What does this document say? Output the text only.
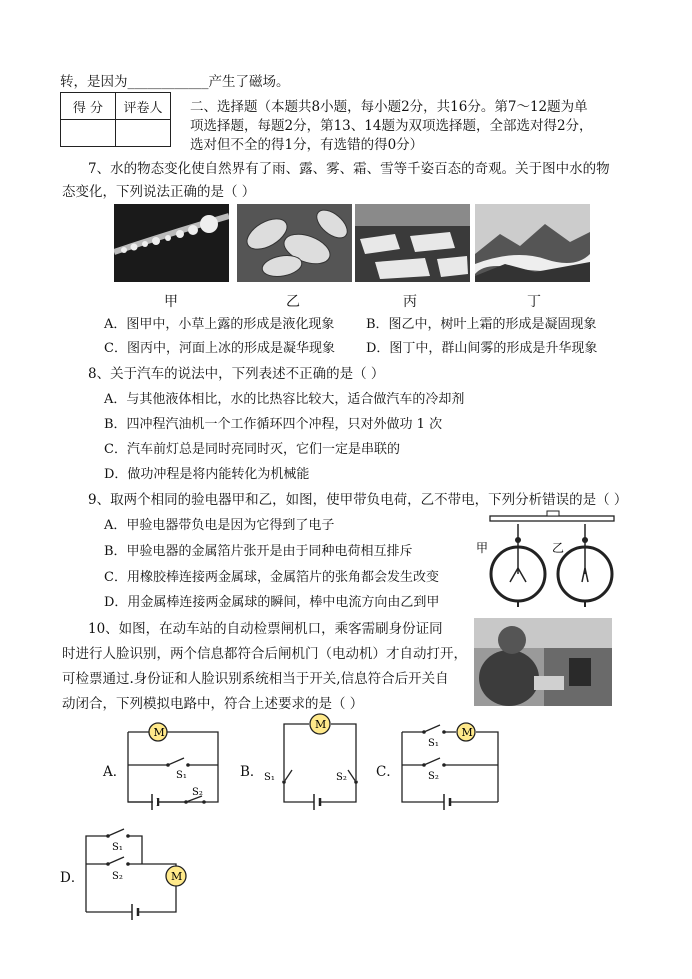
转，是因为____________产生了磁场。
得 分	评卷人
	二、选择题（本题共8小题，每小题2分，共16分。第7～12题为单
项选择题，每题2分，第13、14题为双项选择题，全部选对得2分，
选对但不全的得1分，有选错的得0分）
7、水的物态变化使自然界有了雨、露、雾、霜、雪等千姿百态的奇观。关于图中水的物
态变化，下列说法正确的是（ ）
甲	乙	丙	丁
A．图甲中，小草上露的形成是液化现象 B．图乙中，树叶上霜的形成是凝固现象
C．图丙中，河面上冰的形成是凝华现象 D．图丁中，群山间雾的形成是升华现象
8、关于汽车的说法中，下列表述不正确的是（ ）
A．与其他液体相比，水的比热容比较大，适合做汽车的冷却剂
B．四冲程汽油机一个工作循环四个冲程，只对外做功 1 次
C．汽车前灯总是同时亮同时灭，它们一定是串联的
D．做功冲程是将内能转化为机械能
9、取两个相同的验电器甲和乙，如图，使甲带负电荷，乙不带电，下列分析错误的是（ ）
A．甲验电器带负电是因为它得到了电子
B．甲验电器的金属箔片张开是由于同种电荷相互排斥
C．用橡胶棒连接两金属球，金属箔片的张角都会发生改变
D．用金属棒连接两金属球的瞬间，棒中电流方向由乙到甲
甲	乙
10、如图，在动车站的自动检票闸机口，乘客需刷身份证同
时进行人脸识别，两个信息都符合后闸机门（电动机）才自动打开，
可检票通过.身份证和人脸识别系统相当于开关,信息符合后开关自
动闭合，下列模拟电路中，符合上述要求的是（ ）
A．
M
S₁
S₂
B．
M
S₁	S₂ C．
M
S₁
S₂
D．	M
S₁
S₂
